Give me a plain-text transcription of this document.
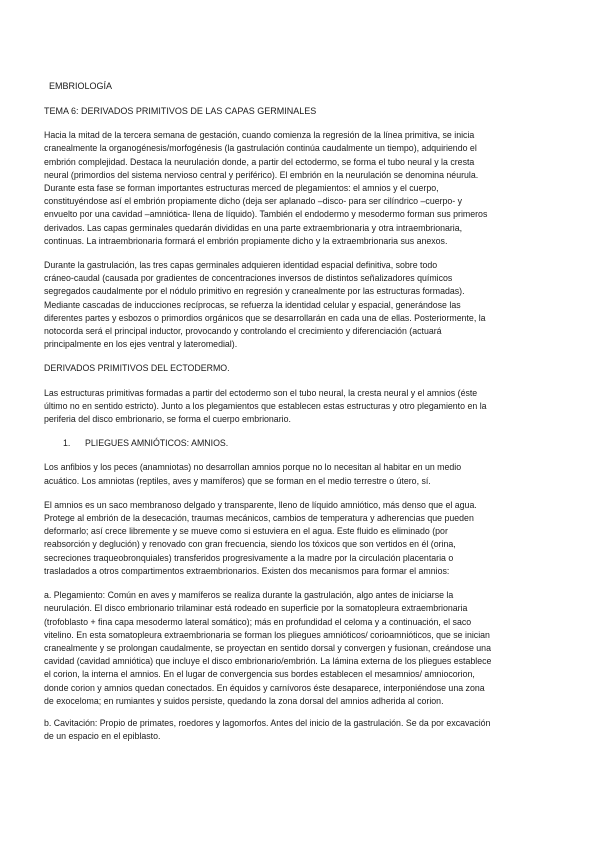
EMBRIOLOGÍA

TEMA 6: DERIVADOS PRIMITIVOS DE LAS CAPAS GERMINALES

Hacia la mitad de la tercera semana de gestación, cuando comienza la regresión de la línea primitiva, se inicia

cranealmente la organogénesis/morfogénesis (la gastrulación continúa caudalmente un tiempo), adquiriendo el

embrión complejidad. Destaca la neurulación donde, a partir del ectodermo, se forma el tubo neural y la cresta

neural (primordios del sistema nervioso central y periférico). El embrión en la neurulación se denomina néurula.

Durante esta fase se forman importantes estructuras merced de plegamientos: el amnios y el cuerpo,

constituyéndose así el embrión propiamente dicho (deja ser aplanado –disco- para ser cilíndrico –cuerpo- y

envuelto por una cavidad –amniótica- llena de líquido). También el endodermo y mesodermo forman sus primeros

derivados. Las capas germinales quedarán divididas en una parte extraembrionaria y otra intraembrionaria,

continuas. La intraembrionaria formará el embrión propiamente dicho y la extraembrionaria sus anexos.

Durante la gastrulación, las tres capas germinales adquieren identidad espacial definitiva, sobre todo

cráneo-caudal (causada por gradientes de concentraciones inversos de distintos señalizadores químicos

segregados caudalmente por el nódulo primitivo en regresión y cranealmente por las estructuras formadas).

Mediante cascadas de inducciones recíprocas, se refuerza la identidad celular y espacial, generándose las

diferentes partes y esbozos o primordios orgánicos que se desarrollarán en cada una de ellas. Posteriormente, la

notocorda será el principal inductor, provocando y controlando el crecimiento y diferenciación (actuará

principalmente en los ejes ventral y lateromedial).

DERIVADOS PRIMITIVOS DEL ECTODERMO.

Las estructuras primitivas formadas a partir del ectodermo son el tubo neural, la cresta neural y el amnios (éste

último no en sentido estricto). Junto a los plegamientos que establecen estas estructuras y otro plegamiento en la

periferia del disco embrionario, se forma el cuerpo embrionario.

1. PLIEGUES AMNIÓTICOS: AMNIOS.

Los anfibios y los peces (anamniotas) no desarrollan amnios porque no lo necesitan al habitar en un medio

acuático. Los amniotas (reptiles, aves y mamíferos) que se forman en el medio terrestre o útero, sí.

El amnios es un saco membranoso delgado y transparente, lleno de líquido amniótico, más denso que el agua.

Protege al embrión de la desecación, traumas mecánicos, cambios de temperatura y adherencias que pueden

deformarlo; así crece libremente y se mueve como si estuviera en el agua. Este fluido es eliminado (por

reabsorción y deglución) y renovado con gran frecuencia, siendo los tóxicos que son vertidos en él (orina,

secreciones traqueobronquiales) transferidos progresivamente a la madre por la circulación placentaria o

trasladados a otros compartimentos extraembrionarios. Existen dos mecanismos para formar el amnios:

a. Plegamiento: Común en aves y mamíferos se realiza durante la gastrulación, algo antes de iniciarse la

neurulación. El disco embrionario trilaminar está rodeado en superficie por la somatopleura extraembrionaria

(trofoblasto + fina capa mesodermo lateral somático); más en profundidad el celoma y a continuación, el saco

vitelino. En esta somatopleura extraembrionaria se forman los pliegues amnióticos/ corioamnióticos, que se inician

cranealmente y se prolongan caudalmente, se proyectan en sentido dorsal y convergen y fusionan, creándose una

cavidad (cavidad amniótica) que incluye el disco embrionario/embrión. La lámina externa de los pliegues establece

el corion, la interna el amnios. En el lugar de convergencia sus bordes establecen el mesamnios/ amniocorion,

donde corion y amnios quedan conectados. En équidos y carnívoros éste desaparece, interponiéndose una zona

de exoceloma; en rumiantes y suidos persiste, quedando la zona dorsal del amnios adherida al corion.

b. Cavitación: Propio de primates, roedores y lagomorfos. Antes del inicio de la gastrulación. Se da por excavación

de un espacio en el epiblasto.
